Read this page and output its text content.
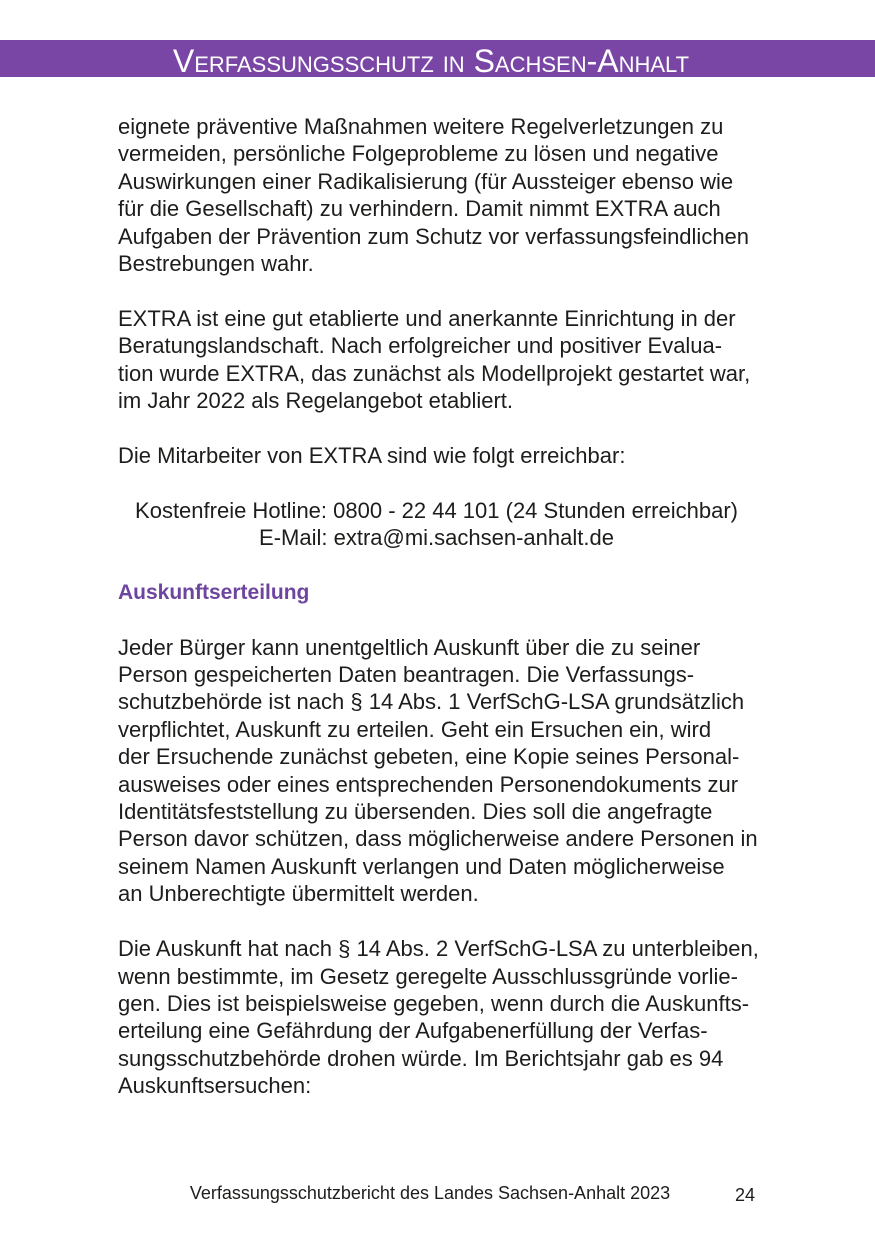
Verfassungsschutz in Sachsen-Anhalt
eignete präventive Maßnahmen weitere Regelverletzungen zu
vermeiden, persönliche Folgeprobleme zu lösen und negative
Auswirkungen einer Radikalisierung (für Aussteiger ebenso wie
für die Gesellschaft) zu verhindern. Damit nimmt EXTRA auch
Aufgaben der Prävention zum Schutz vor verfassungsfeindlichen
Bestrebungen wahr.
EXTRA ist eine gut etablierte und anerkannte Einrichtung in der
Beratungslandschaft. Nach erfolgreicher und positiver Evalua-
tion wurde EXTRA, das zunächst als Modellprojekt gestartet war,
im Jahr 2022 als Regelangebot etabliert.
Die Mitarbeiter von EXTRA sind wie folgt erreichbar:
Kostenfreie Hotline: 0800 - 22 44 101 (24 Stunden erreichbar)
E-Mail: extra@mi.sachsen-anhalt.de
Auskunftserteilung
Jeder Bürger kann unentgeltlich Auskunft über die zu seiner
Person gespeicherten Daten beantragen. Die Verfassungs-
schutzbehörde ist nach § 14 Abs. 1 VerfSchG-LSA grundsätzlich
verpflichtet, Auskunft zu erteilen. Geht ein Ersuchen ein, wird
der Ersuchende zunächst gebeten, eine Kopie seines Personal-
ausweises oder eines entsprechenden Personendokuments zur
Identitätsfeststellung zu übersenden. Dies soll die angefragte
Person davor schützen, dass möglicherweise andere Personen in
seinem Namen Auskunft verlangen und Daten möglicherweise
an Unberechtigte übermittelt werden.
Die Auskunft hat nach § 14 Abs. 2 VerfSchG-LSA zu unterbleiben,
wenn bestimmte, im Gesetz geregelte Ausschlussgründe vorlie-
gen. Dies ist beispielsweise gegeben, wenn durch die Auskunfts-
erteilung eine Gefährdung der Aufgabenerfüllung der Verfas-
sungsschutzbehörde drohen würde. Im Berichtsjahr gab es 94
Auskunftsersuchen:
Verfassungsschutzbericht des Landes Sachsen-Anhalt 2023	24
